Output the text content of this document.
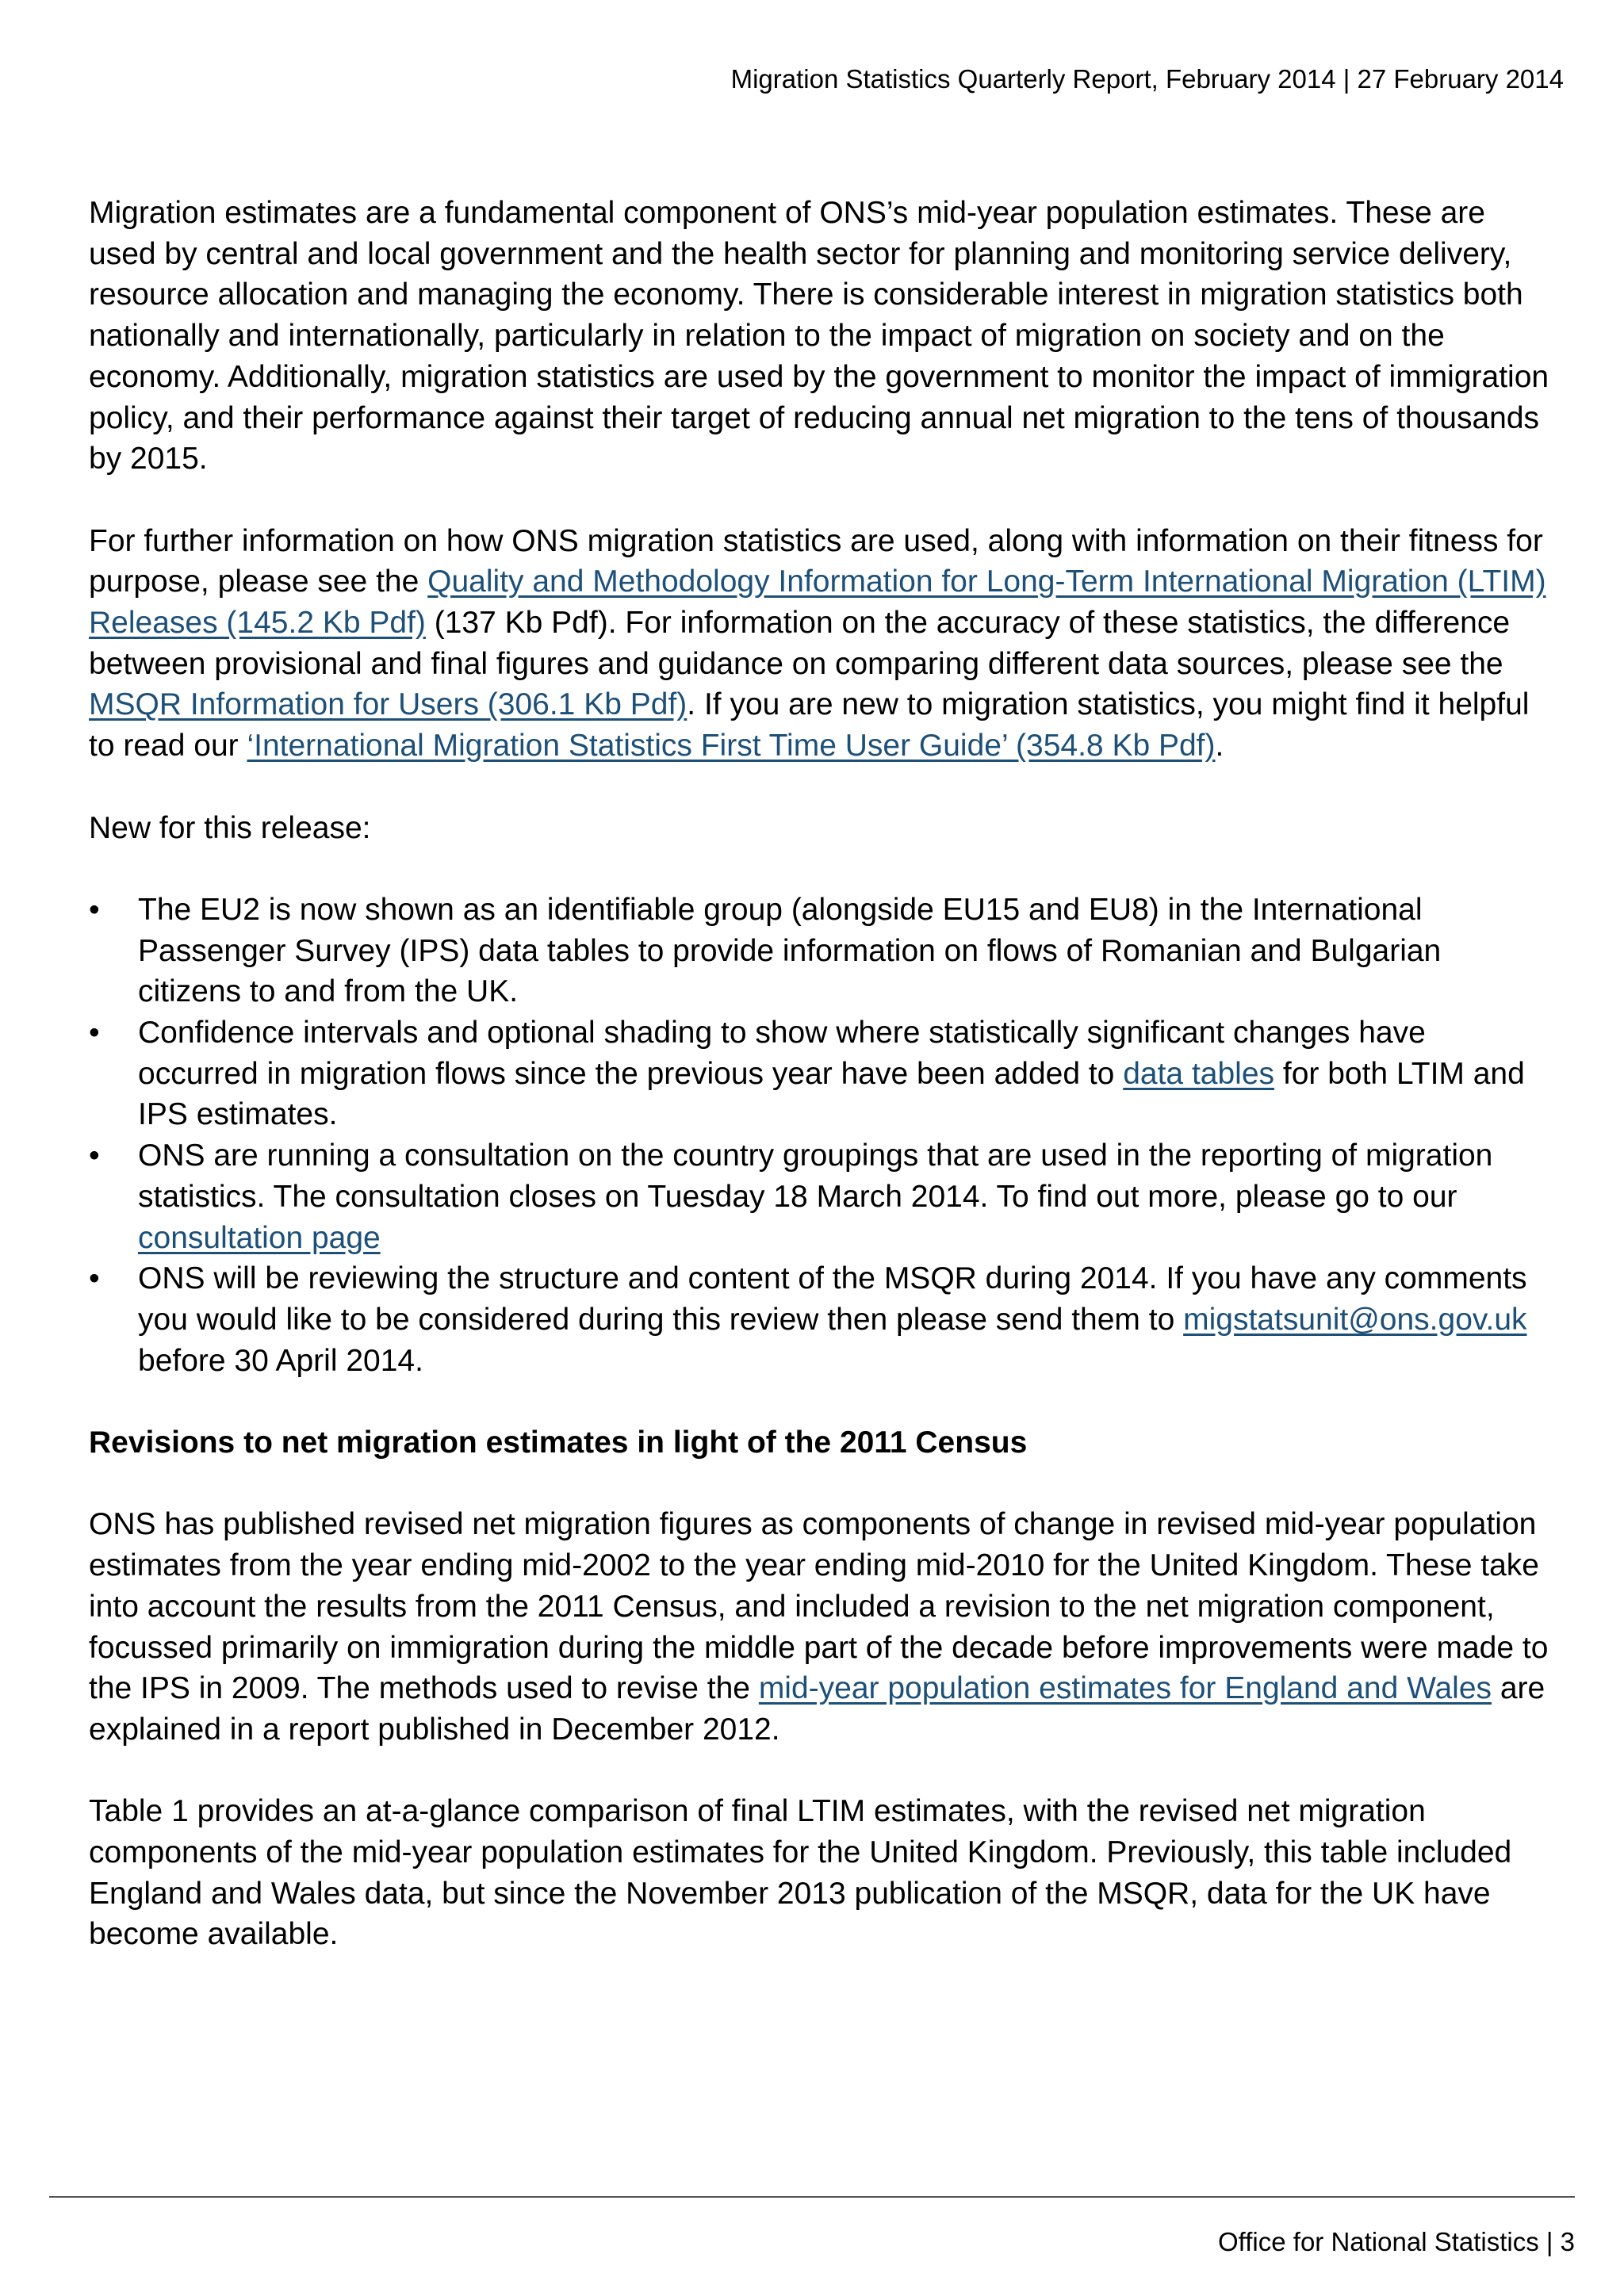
Migration Statistics Quarterly Report, February 2014 | 27 February 2014

Migration estimates are a fundamental component of ONS’s mid-year population estimates. These are used by central and local government and the health sector for planning and monitoring service delivery, resource allocation and managing the economy. There is considerable interest in migration statistics both nationally and internationally, particularly in relation to the impact of migration on society and on the economy. Additionally, migration statistics are used by the government to monitor the impact of immigration policy, and their performance against their target of reducing annual net migration to the tens of thousands by 2015.

For further information on how ONS migration statistics are used, along with information on their fitness for purpose, please see the Quality and Methodology Information for Long-Term International Migration (LTIM) Releases (145.2 Kb Pdf) (137 Kb Pdf). For information on the accuracy of these statistics, the difference between provisional and final figures and guidance on comparing different data sources, please see the MSQR Information for Users (306.1 Kb Pdf). If you are new to migration statistics, you might find it helpful to read our ‘International Migration Statistics First Time User Guide’ (354.8 Kb Pdf).

New for this release:

• The EU2 is now shown as an identifiable group (alongside EU15 and EU8) in the International Passenger Survey (IPS) data tables to provide information on flows of Romanian and Bulgarian citizens to and from the UK.
• Confidence intervals and optional shading to show where statistically significant changes have occurred in migration flows since the previous year have been added to data tables for both LTIM and IPS estimates.
• ONS are running a consultation on the country groupings that are used in the reporting of migration statistics. The consultation closes on Tuesday 18 March 2014. To find out more, please go to our consultation page
• ONS will be reviewing the structure and content of the MSQR during 2014. If you have any comments you would like to be considered during this review then please send them to migstatsunit@ons.gov.uk before 30 April 2014.
Revisions to net migration estimates in light of the 2011 Census

ONS has published revised net migration figures as components of change in revised mid-year population estimates from the year ending mid-2002 to the year ending mid-2010 for the United Kingdom. These take into account the results from the 2011 Census, and included a revision to the net migration component, focussed primarily on immigration during the middle part of the decade before improvements were made to the IPS in 2009. The methods used to revise the mid-year population estimates for England and Wales are explained in a report published in December 2012.

Table 1 provides an at-a-glance comparison of final LTIM estimates, with the revised net migration components of the mid-year population estimates for the United Kingdom. Previously, this table included England and Wales data, but since the November 2013 publication of the MSQR, data for the UK have become available.

Office for National Statistics | 3
